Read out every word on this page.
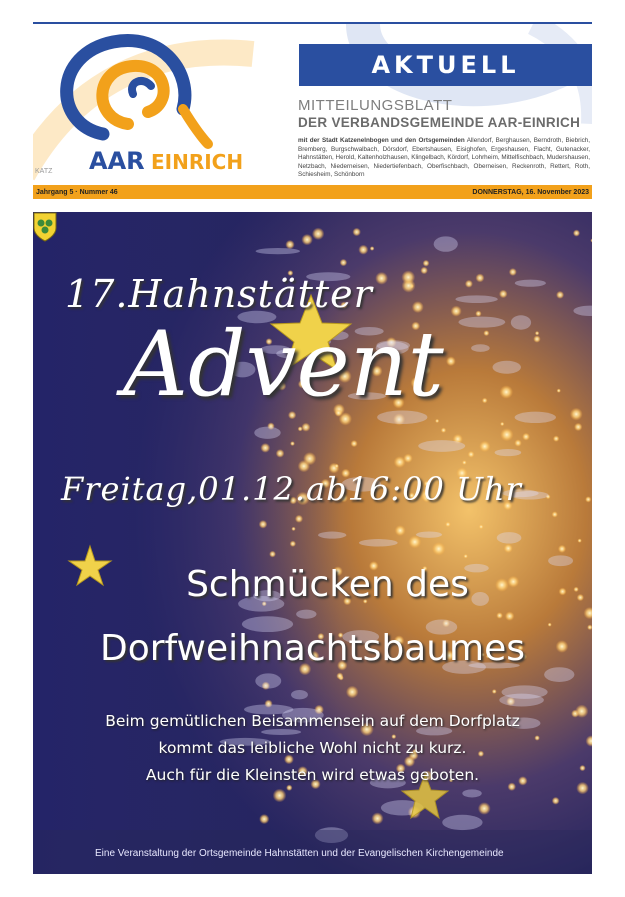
AAR EINRICH
KATZ
AKTUELL
MITTEILUNGSBLATT
DER VERBANDSGEMEINDE AAR-EINRICH
mit der Stadt Katzenelnbogen und den Ortsgemeinden Allendorf, Berghausen, Berndroth, Biebrich, Bremberg, Burgschwalbach, Dörsdorf, Ebertshausen, Eisighofen, Ergeshausen, Flacht, Gutenacker, Hahnstätten, Herold, Kaltenholzhausen, Klingelbach, Kördorf, Lohrheim, Mittelfischbach, Mudershausen, Netzbach, Niederneisen, Niedertiefenbach, Oberfischbach, Oberneisen, Reckenroth, Rettert, Roth, Schiesheim, Schönborn
Jahrgang 5 · Nummer 46	DONNERSTAG, 16. November 2023
17.Hahnstätter
Advent
Freitag,01.12.ab16:00 Uhr
Schmücken des
Dorfweihnachtsbaumes
Beim gemütlichen Beisammensein auf dem Dorfplatz
kommt das leibliche Wohl nicht zu kurz.
Auch für die Kleinsten wird etwas geboten.
Eine Veranstaltung der Ortsgemeinde Hahnstätten und der Evangelischen Kirchengemeinde
